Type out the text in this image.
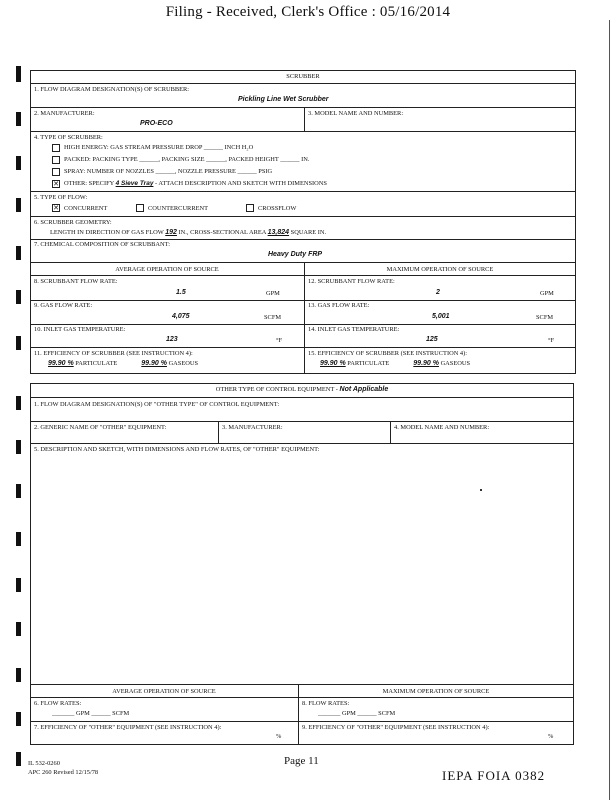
Filing - Received, Clerk's Office : 05/16/2014
SCRUBBER
1. FLOW DIAGRAM DESIGNATION(S) OF SCRUBBER:
Pickling Line Wet Scrubber
2. MANUFACTURER:
PRO-ECO
3. MODEL NAME AND NUMBER:
4. TYPE OF SCRUBBER:
HIGH ENERGY: GAS STREAM PRESSURE DROP ______ INCH H₂O
PACKED: PACKING TYPE ______, PACKING SIZE ______, PACKED HEIGHT ______ IN.
SPRAY: NUMBER OF NOZZLES ______, NOZZLE PRESSURE ______ PSIG
✕ OTHER: SPECIFY 4 Sieve Tray - ATTACH DESCRIPTION AND SKETCH WITH DIMENSIONS
5. TYPE OF FLOW:
✕ CONCURRENT	COUNTERCURRENT	CROSSFLOW
6. SCRUBBER GEOMETRY:
LENGTH IN DIRECTION OF GAS FLOW 192 IN., CROSS-SECTIONAL AREA 13,824 SQUARE IN.
7. CHEMICAL COMPOSITION OF SCRUBBANT:
Heavy Duty FRP
AVERAGE OPERATION OF SOURCE	MAXIMUM OPERATION OF SOURCE
8. SCRUBBANT FLOW RATE:
1.5	GPM
12. SCRUBBANT FLOW RATE:
2	GPM
9. GAS FLOW RATE:
4,075	SCFM
13. GAS FLOW RATE:
5,001	SCFM
10. INLET GAS TEMPERATURE:
123	°F
14. INLET GAS TEMPERATURE:
125	°F
11. EFFICIENCY OF SCRUBBER (SEE INSTRUCTION 4):
99.90 % PARTICULATE	99.90 % GASEOUS
15. EFFICIENCY OF SCRUBBER (SEE INSTRUCTION 4):
99.90 % PARTICULATE	99.90 % GASEOUS
OTHER TYPE OF CONTROL EQUIPMENT - Not Applicable
1. FLOW DIAGRAM DESIGNATION(S) OF "OTHER TYPE" OF CONTROL EQUIPMENT:
2. GENERIC NAME OF "OTHER" EQUIPMENT:	3. MANUFACTURER:	4. MODEL NAME AND NUMBER:
5. DESCRIPTION AND SKETCH, WITH DIMENSIONS AND FLOW RATES, OF "OTHER" EQUIPMENT:
AVERAGE OPERATION OF SOURCE	MAXIMUM OPERATION OF SOURCE
6. FLOW RATES:
_______ GPM ______ SCFM
8. FLOW RATES:
_______ GPM ______ SCFM
7. EFFICIENCY OF "OTHER" EQUIPMENT (SEE INSTRUCTION 4):
%
9. EFFICIENCY OF "OTHER" EQUIPMENT (SEE INSTRUCTION 4):
%
IL 532-0260
APC 260 Revised 12/15/78
Page 11
IEPA FOIA 0382
